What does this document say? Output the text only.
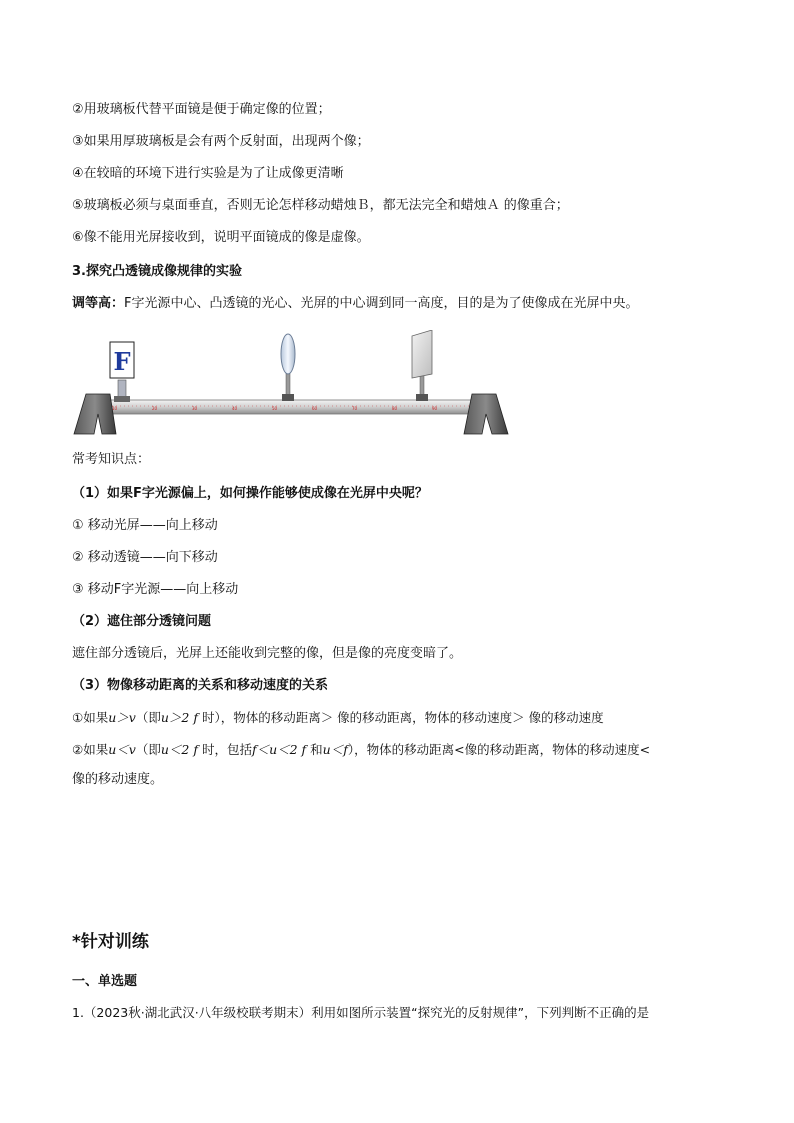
②用玻璃板代替平面镜是便于确定像的位置；
③如果用厚玻璃板是会有两个反射面，出现两个像；
④在较暗的环境下进行实验是为了让成像更清晰
⑤玻璃板必须与桌面垂直，否则无论怎样移动蜡烛Ｂ，都无法完全和蜡烛Ａ 的像重合；
⑥像不能用光屏接收到，说明平面镜成的像是虚像。
3.探究凸透镜成像规律的实验
调等高：F字光源中心、凸透镜的光心、光屏的中心调到同一高度，目的是为了使像成在光屏中央。
10	20	30	40	50	60	70	80	90
F
常考知识点：
（1）如果F字光源偏上，如何操作能够使成像在光屏中央呢？
① 移动光屏——向上移动
② 移动透镜——向下移动
③ 移动F字光源——向上移动
（2）遮住部分透镜问题
遮住部分透镜后，光屏上还能收到完整的像，但是像的亮度变暗了。
（3）物像移动距离的关系和移动速度的关系
①如果u＞v（即u＞2 f 时），物体的移动距离＞ 像的移动距离，物体的移动速度＞ 像的移动速度
②如果u＜v（即u＜2 f 时，包括f＜u＜2 f 和u＜f），物体的移动距离<像的移动距离，物体的移动速度<
像的移动速度。
*针对训练
一、单选题
1.（2023秋·湖北武汉·八年级校联考期末）利用如图所示装置“探究光的反射规律”，下列判断不正确的是
